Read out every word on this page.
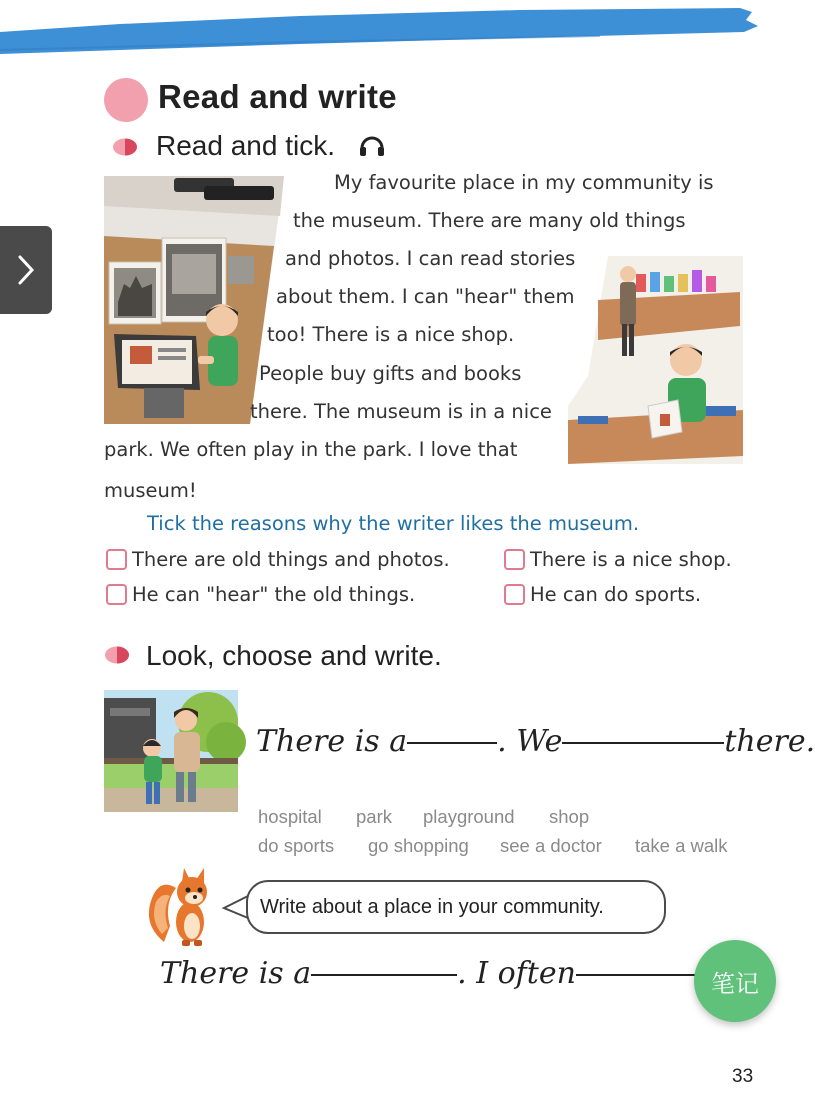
Read and write
Read and tick.
My favourite place in my community is
the museum. There are many old things
and photos. I can read stories
about them. I can "hear" them
too! There is a nice shop.
People buy gifts and books
there. The museum is in a nice
park. We often play in the park. I love that
museum!
Tick the reasons why the writer likes the museum.
There are old things and photos.	There is a nice shop.
He can "hear" the old things.	He can do sports.
Look, choose and write.
There is a	. We	there.
hospital park playground shop
do sports go shopping see a doctor take a walk
Write about a place in your community.
There is a	. I often	笔记
33
